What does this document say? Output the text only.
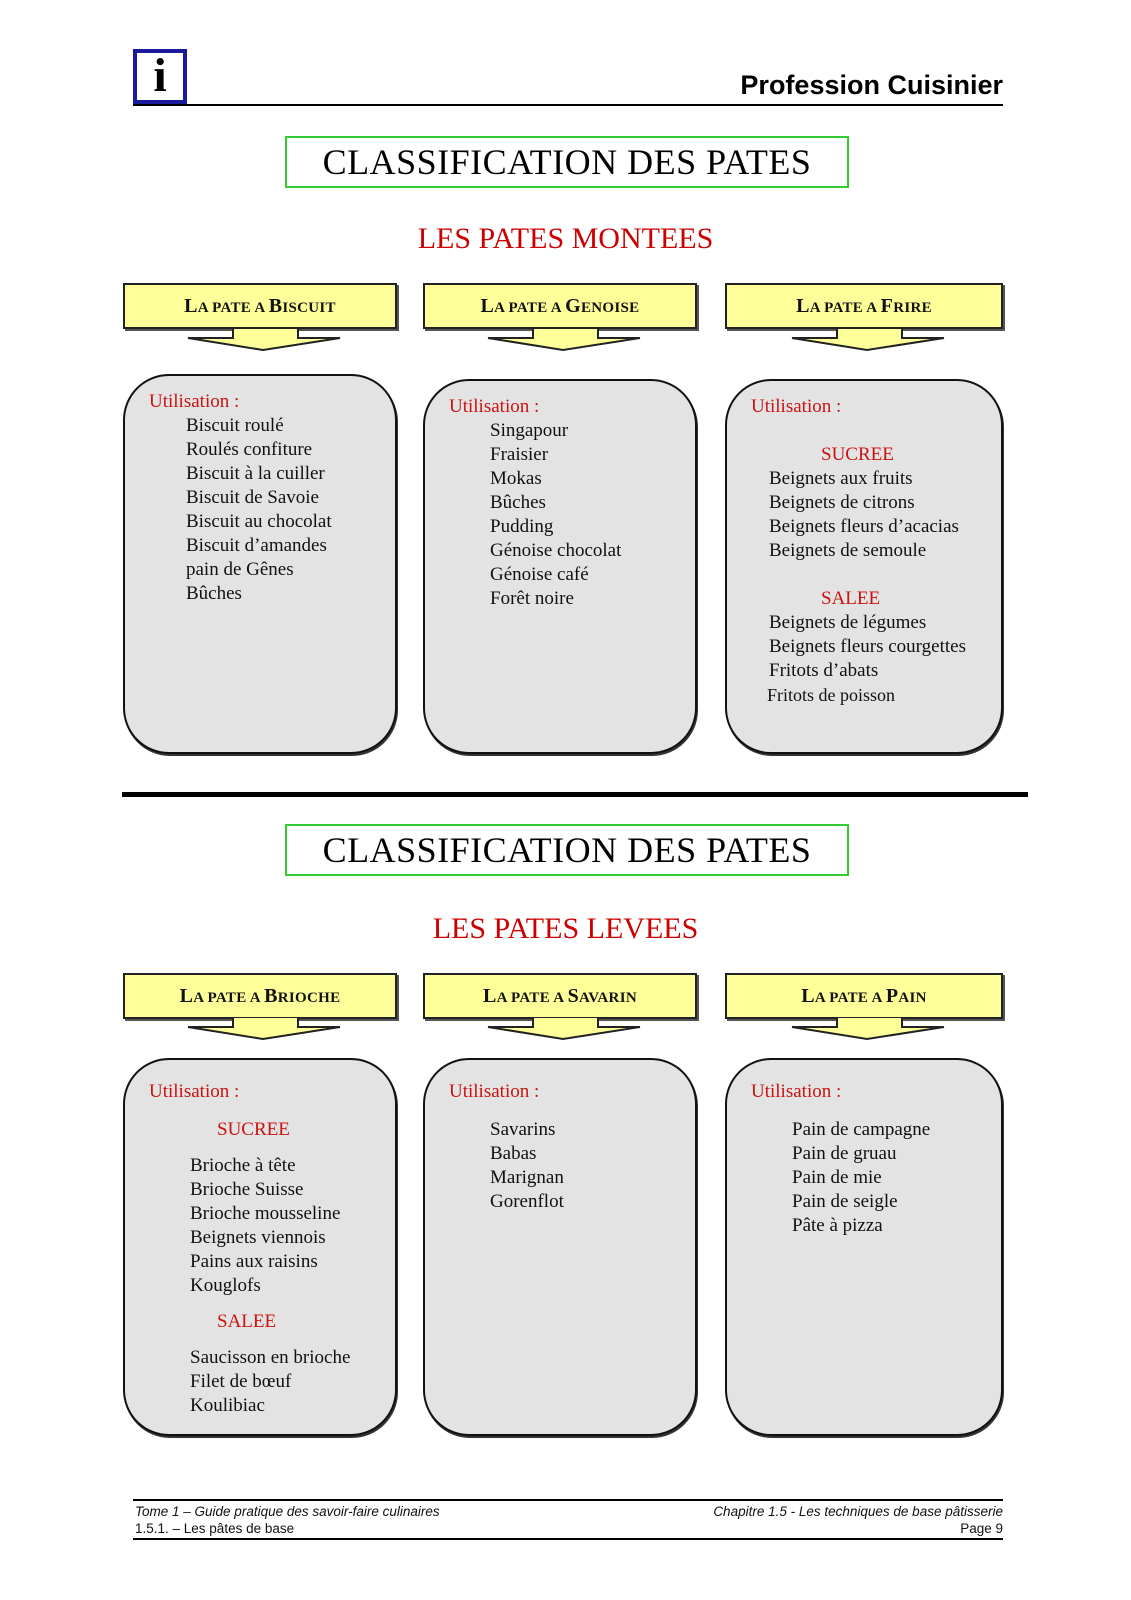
i	Profession Cuisinier
CLASSIFICATION DES PATES
LES PATES MONTEES
LA PATE A BISCUIT	LA PATE A GENOISE	LA PATE A FRIRE
Utilisation :
Biscuit roulé
Roulés confiture
Biscuit à la cuiller
Biscuit de Savoie
Biscuit au chocolat
Biscuit d’amandes
pain de Gênes
Bûches
Utilisation :
Singapour
Fraisier
Mokas
Bûches
Pudding
Génoise chocolat
Génoise café
Forêt noire
Utilisation :
SUCREE
Beignets aux fruits
Beignets de citrons
Beignets fleurs d’acacias
Beignets de semoule
SALEE
Beignets de légumes
Beignets fleurs courgettes
Fritots d’abats
Fritots de poisson
CLASSIFICATION DES PATES
LES PATES LEVEES
LA PATE A BRIOCHE	LA PATE A SAVARIN	LA PATE A PAIN
Utilisation :
SUCREE
Brioche à tête
Brioche Suisse
Brioche mousseline
Beignets viennois
Pains aux raisins
Kouglofs
SALEE
Saucisson en brioche
Filet de bœuf
Koulibiac
Utilisation :
Savarins
Babas
Marignan
Gorenflot
Utilisation :
Pain de campagne
Pain de gruau
Pain de mie
Pain de seigle
Pâte à pizza
Tome 1 – Guide pratique des savoir-faire culinaires
1.5.1. – Les pâtes de base
Chapitre 1.5 - Les techniques de base pâtisserie
Page 9
